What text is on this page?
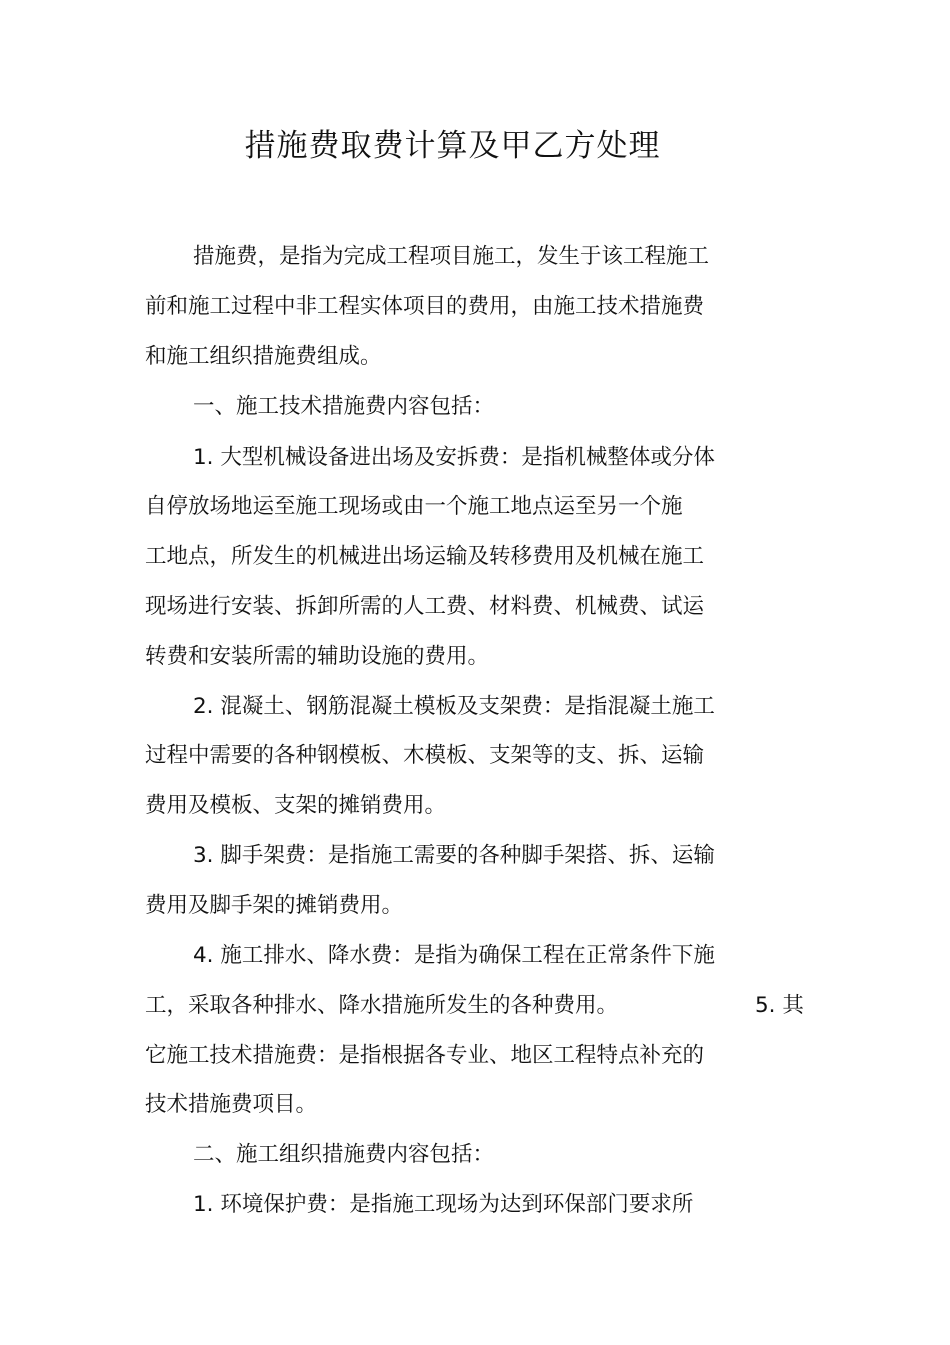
措施费取费计算及甲乙方处理
措施费，是指为完成工程项目施工，发生于该工程施工
前和施工过程中非工程实体项目的费用，由施工技术措施费
和施工组织措施费组成。
一、施工技术措施费内容包括：
1. 大型机械设备进出场及安拆费：是指机械整体或分体
自停放场地运至施工现场或由一个施工地点运至另一个施
工地点，所发生的机械进出场运输及转移费用及机械在施工
现场进行安装、拆卸所需的人工费、材料费、机械费、试运
转费和安装所需的辅助设施的费用。
2. 混凝土、钢筋混凝土模板及支架费：是指混凝土施工
过程中需要的各种钢模板、木模板、支架等的支、拆、运输
费用及模板、支架的摊销费用。
3. 脚手架费：是指施工需要的各种脚手架搭、拆、运输
费用及脚手架的摊销费用。
4. 施工排水、降水费：是指为确保工程在正常条件下施
工，采取各种排水、降水措施所发生的各种费用。	5. 其
它施工技术措施费：是指根据各专业、地区工程特点补充的
技术措施费项目。
二、施工组织措施费内容包括：
1. 环境保护费：是指施工现场为达到环保部门要求所
